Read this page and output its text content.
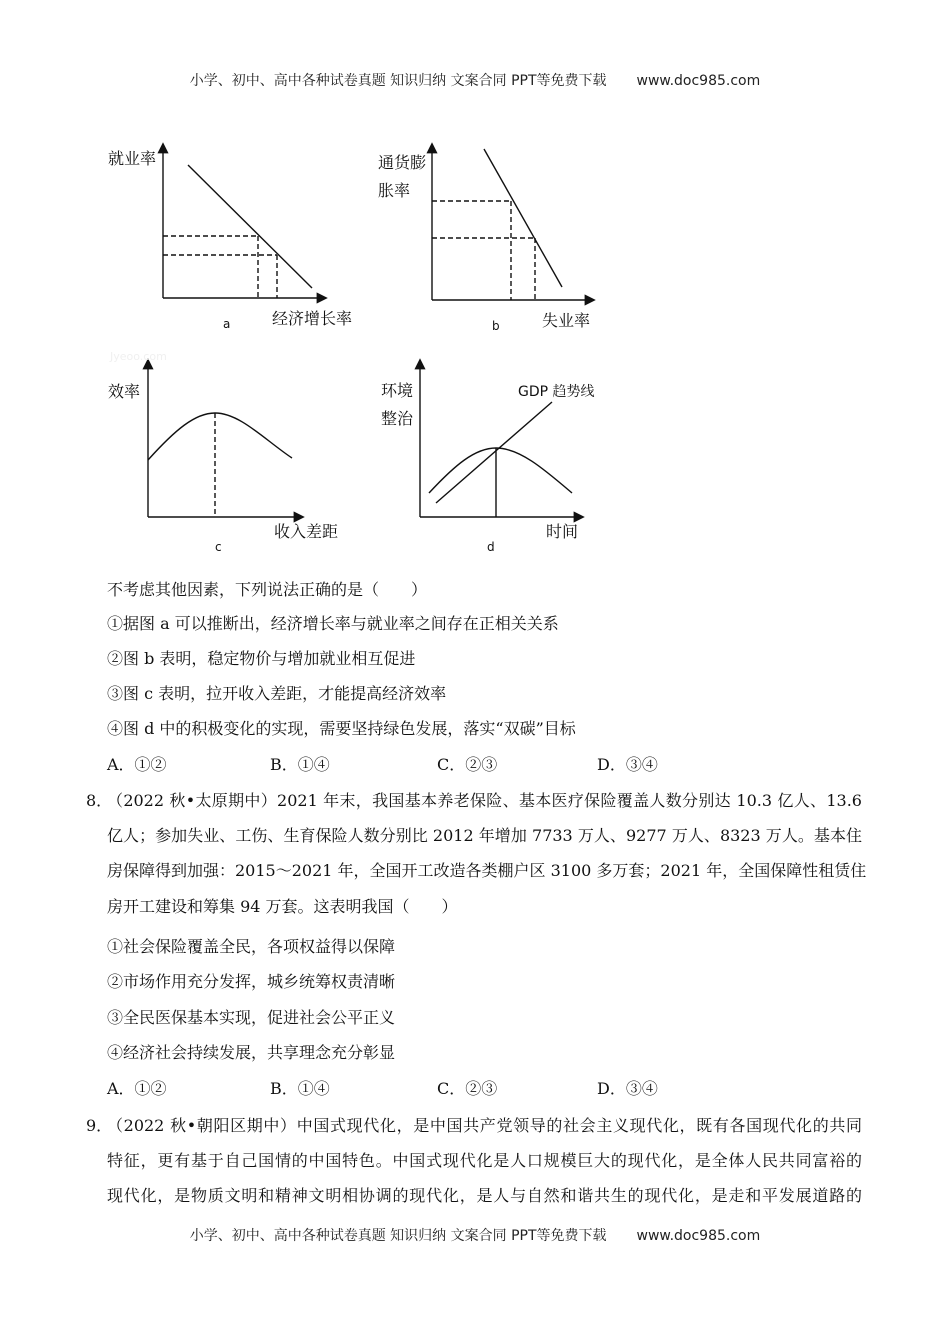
小学、初中、高中各种试卷真题 知识归纳 文案合同 PPT等免费下载 www.doc985.com
就业率
经济增长率
a
通货膨
胀率
失业率
b
效率
收入差距
c
环境
整治
GDP 趋势线
时间
d
Jyeoo.com
不考虑其他因素，下列说法正确的是（　　）
①据图 a 可以推断出，经济增长率与就业率之间存在正相关关系
②图 b 表明，稳定物价与增加就业相互促进
③图 c 表明，拉开收入差距，才能提高经济效率
④图 d 中的积极变化的实现，需要坚持绿色发展，落实“双碳”目标
A．①②	B．①④	C．②③	D．③④
8．
（2022 秋•太原期中）2021 年末，我国基本养老保险、基本医疗保险覆盖人数分别达 10.3 亿人、13.6
亿人；参加失业、工伤、生育保险人数分别比 2012 年增加 7733 万人、9277 万人、8323 万人。基本住
房保障得到加强：2015～2021 年，全国开工改造各类棚户区 3100 多万套；2021 年，全国保障性租赁住
房开工建设和筹集 94 万套。这表明我国（　　）
①社会保险覆盖全民，各项权益得以保障
②市场作用充分发挥，城乡统筹权责清晰
③全民医保基本实现，促进社会公平正义
④经济社会持续发展，共享理念充分彰显
A．①②	B．①④	C．②③	D．③④
9．
（2022 秋•朝阳区期中）中国式现代化，是中国共产党领导的社会主义现代化，既有各国现代化的共同
特征，更有基于自己国情的中国特色。中国式现代化是人口规模巨大的现代化，是全体人民共同富裕的
现代化，是物质文明和精神文明相协调的现代化，是人与自然和谐共生的现代化，是走和平发展道路的
小学、初中、高中各种试卷真题 知识归纳 文案合同 PPT等免费下载 www.doc985.com
